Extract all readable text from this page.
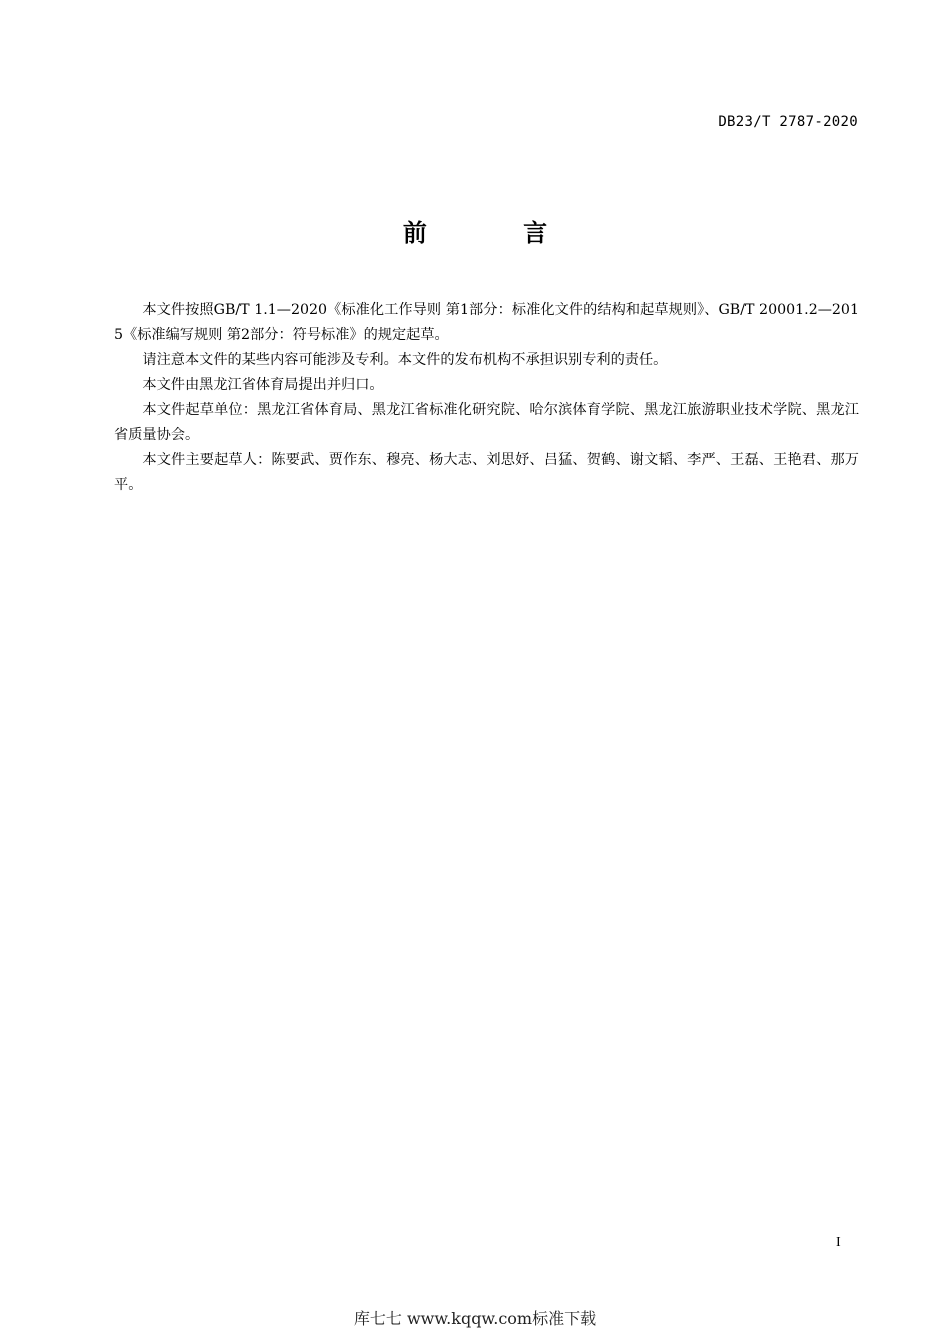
DB23/T 2787-2020
前 言

本文件按照GB/T 1.1—2020《标准化工作导则 第1部分：标准化文件的结构和起草规则》、GB/T 20001.2—2015《标准编写规则 第2部分：符号标准》的规定起草。

请注意本文件的某些内容可能涉及专利。本文件的发布机构不承担识别专利的责任。

本文件由黑龙江省体育局提出并归口。

本文件起草单位：黑龙江省体育局、黑龙江省标准化研究院、哈尔滨体育学院、黑龙江旅游职业技术学院、黑龙江省质量协会。

本文件主要起草人：陈要武、贾作东、穆亮、杨大志、刘思妤、吕猛、贺鹤、谢文韬、李严、王磊、王艳君、那万平。

I
库七七 www.kqqw.com标准下载
